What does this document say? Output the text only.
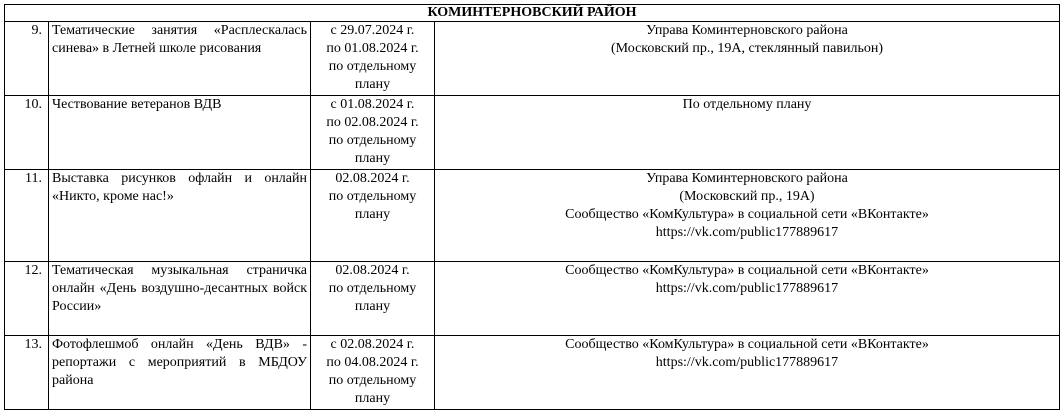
КОМИНТЕРНОВСКИЙ РАЙОН			
9.	Тематические занятия «Расплескалась синева» в Летней школе рисования	с 29.07.2024 г.
по 01.08.2024 г.
по отдельному
плану	Управа Коминтерновского района
(Московский пр., 19А, стеклянный павильон)

10.	Чествование ветеранов ВДВ	с 01.08.2024 г.
по 02.08.2024 г.
по отдельному
плану	По отдельному плану

11.	Выставка рисунков офлайн и онлайн «Никто, кроме нас!»	02.08.2024 г.
по отдельному
плану	Управа Коминтерновского района
(Московский пр., 19А)
Сообщество «КомКультура» в социальной сети «ВКонтакте»
https://vk.com/public177889617

12.	Тематическая музыкальная страничка онлайн «День воздушно-десантных войск России»	02.08.2024 г.
по отдельному
плану	Сообщество «КомКультура» в социальной сети «ВКонтакте»
https://vk.com/public177889617

13.	Фотофлешмоб онлайн «День ВДВ» - репортажи с мероприятий в МБДОУ района	с 02.08.2024 г.
по 04.08.2024 г.
по отдельному
плану	Сообщество «КомКультура» в социальной сети «ВКонтакте»
https://vk.com/public177889617
